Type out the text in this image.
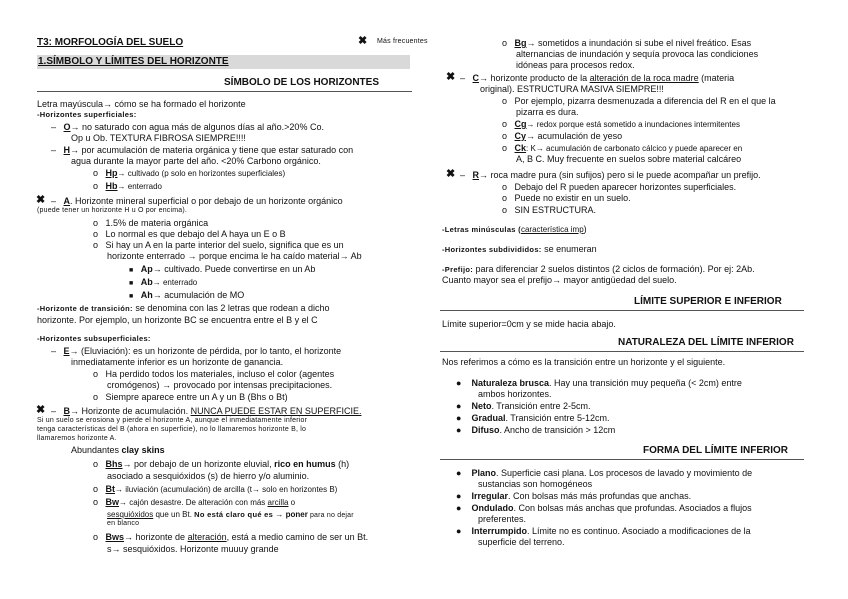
T3: MORFOLOGÍA DEL SUELO
1.SÍMBOLO Y LÍMITES DEL HORIZONTE
SÍMBOLO DE LOS HORIZONTES
Letra mayúscula→ cómo se ha formado el horizonte
-Horizontes superficiales:
–   O→ no saturado con agua más de algunos días al año.>20% Co.
Op u Ob. TEXTURA FIBROSA SIEMPRE!!!!
–   H→ por acumulación de materia orgánica y tiene que estar saturado con
agua durante la mayor parte del año. <20% Carbono orgánico.
o   Hp→ cultivado (p solo en horizontes superficiales)
o   Hb→ enterrado
✖ –   A. Horizonte mineral superficial o por debajo de un horizonte orgánico
(puede tener un horizonte H u O por encima).
o   1.5% de materia orgánica
o   Lo normal es que debajo del A haya un E o B
o   Si hay un A en la parte interior del suelo, significa que es un
horizonte enterrado → porque encima le ha caído material→ Ab
■ Ap→ cultivado. Puede convertirse en un Ab
■ Ab→ enterrado
■ Ah→ acumulación de MO
-Horizonte de transición: se denomina con las 2 letras que rodean a dicho
horizonte. Por ejemplo, un horizonte BC se encuentra entre el B y el C
-Horizontes subsuperficiales:
–   E→ (Eluviación): es un horizonte de pérdida, por lo tanto, el horizonte
inmediatamente inferior es un horizonte de ganancia.
o   Ha perdido todos los materiales, incluso el color (agentes
cromógenos) → provocado por intensas precipitaciones.
o   Siempre aparece entre un A y un B (Bhs o Bt)
✖ –   B→ Horizonte de acumulación. NUNCA PUEDE ESTAR EN SUPERFICIE.
Si un suelo se erosiona y pierde el horizonte A, aunque el inmediatamente inferior
tenga características del B (ahora en superficie), no lo llamaremos horizonte B, lo
llamaremos horizonte A.
Abundantes clay skins
o   Bhs→ por debajo de un horizonte eluvial, rico en humus (h)
asociado a sesquióxidos (s) de hierro y/o aluminio.
o   Bt→ iluviación (acumulación) de arcilla (t→ solo en horizontes B)
o   Bw→ cajón desastre. De alteración con más arcilla o
sesquióxidos que un Bt. No está claro qué es → poner para no dejar
en blanco
o   Bws→ horizonte de alteración, está a medio camino de ser un Bt.
s→ sesquióxidos. Horizonte muuuy grande
✖ Más frecuentes	o   Bg→ sometidos a inundación si sube el nivel freático. Esas
alternancias de inundación y sequía provoca las condiciones
idóneas para procesos redox.
✖ –   C→ horizonte producto de la alteración de la roca madre (materia
original). ESTRUCTURA MASIVA SIEMPRE!!!
o   Por ejemplo, pizarra desmenuzada a diferencia del R en el que la
pizarra es dura.
o   Cg→ redox porque está sometido a inundaciones intermitentes
o   Cy→ acumulación de yeso
o   Ck: K→ acumulación de carbonato cálcico y puede aparecer en
A, B C. Muy frecuente en suelos sobre material calcáreo
✖ –   R→ roca madre pura (sin sufijos) pero si le puede acompañar un prefijo.
o   Debajo del R pueden aparecer horizontes superficiales.
o   Puede no existir en un suelo.
o   SIN ESTRUCTURA.
-Letras minúsculas (característica imp)
-Horizontes subdivididos: se enumeran
-Prefijo: para diferenciar 2 suelos distintos (2 ciclos de formación). Por ej: 2Ab.
Cuanto mayor sea el prefijo→ mayor antigüedad del suelo.
LÍMITE SUPERIOR E INFERIOR
Límite superior=0cm y se mide hacia abajo.
NATURALEZA DEL LÍMITE INFERIOR
Nos referimos a cómo es la transición entre un horizonte y el siguiente.
●    Naturaleza brusca. Hay una transición muy pequeña (< 2cm) entre
ambos horizontes.
●    Neto. Transición entre 2-5cm.
●    Gradual. Transición entre 5-12cm.
●    Difuso. Ancho de transición > 12cm
FORMA DEL LÍMITE INFERIOR
●    Plano. Superficie casi plana. Los procesos de lavado y movimiento de
sustancias son homogéneos
●    Irregular. Con bolsas más más profundas que anchas.
●    Ondulado. Con bolsas más anchas que profundas. Asociados a flujos
preferentes.
●    Interrumpido. Límite no es continuo. Asociado a modificaciones de la
superficie del terreno.
